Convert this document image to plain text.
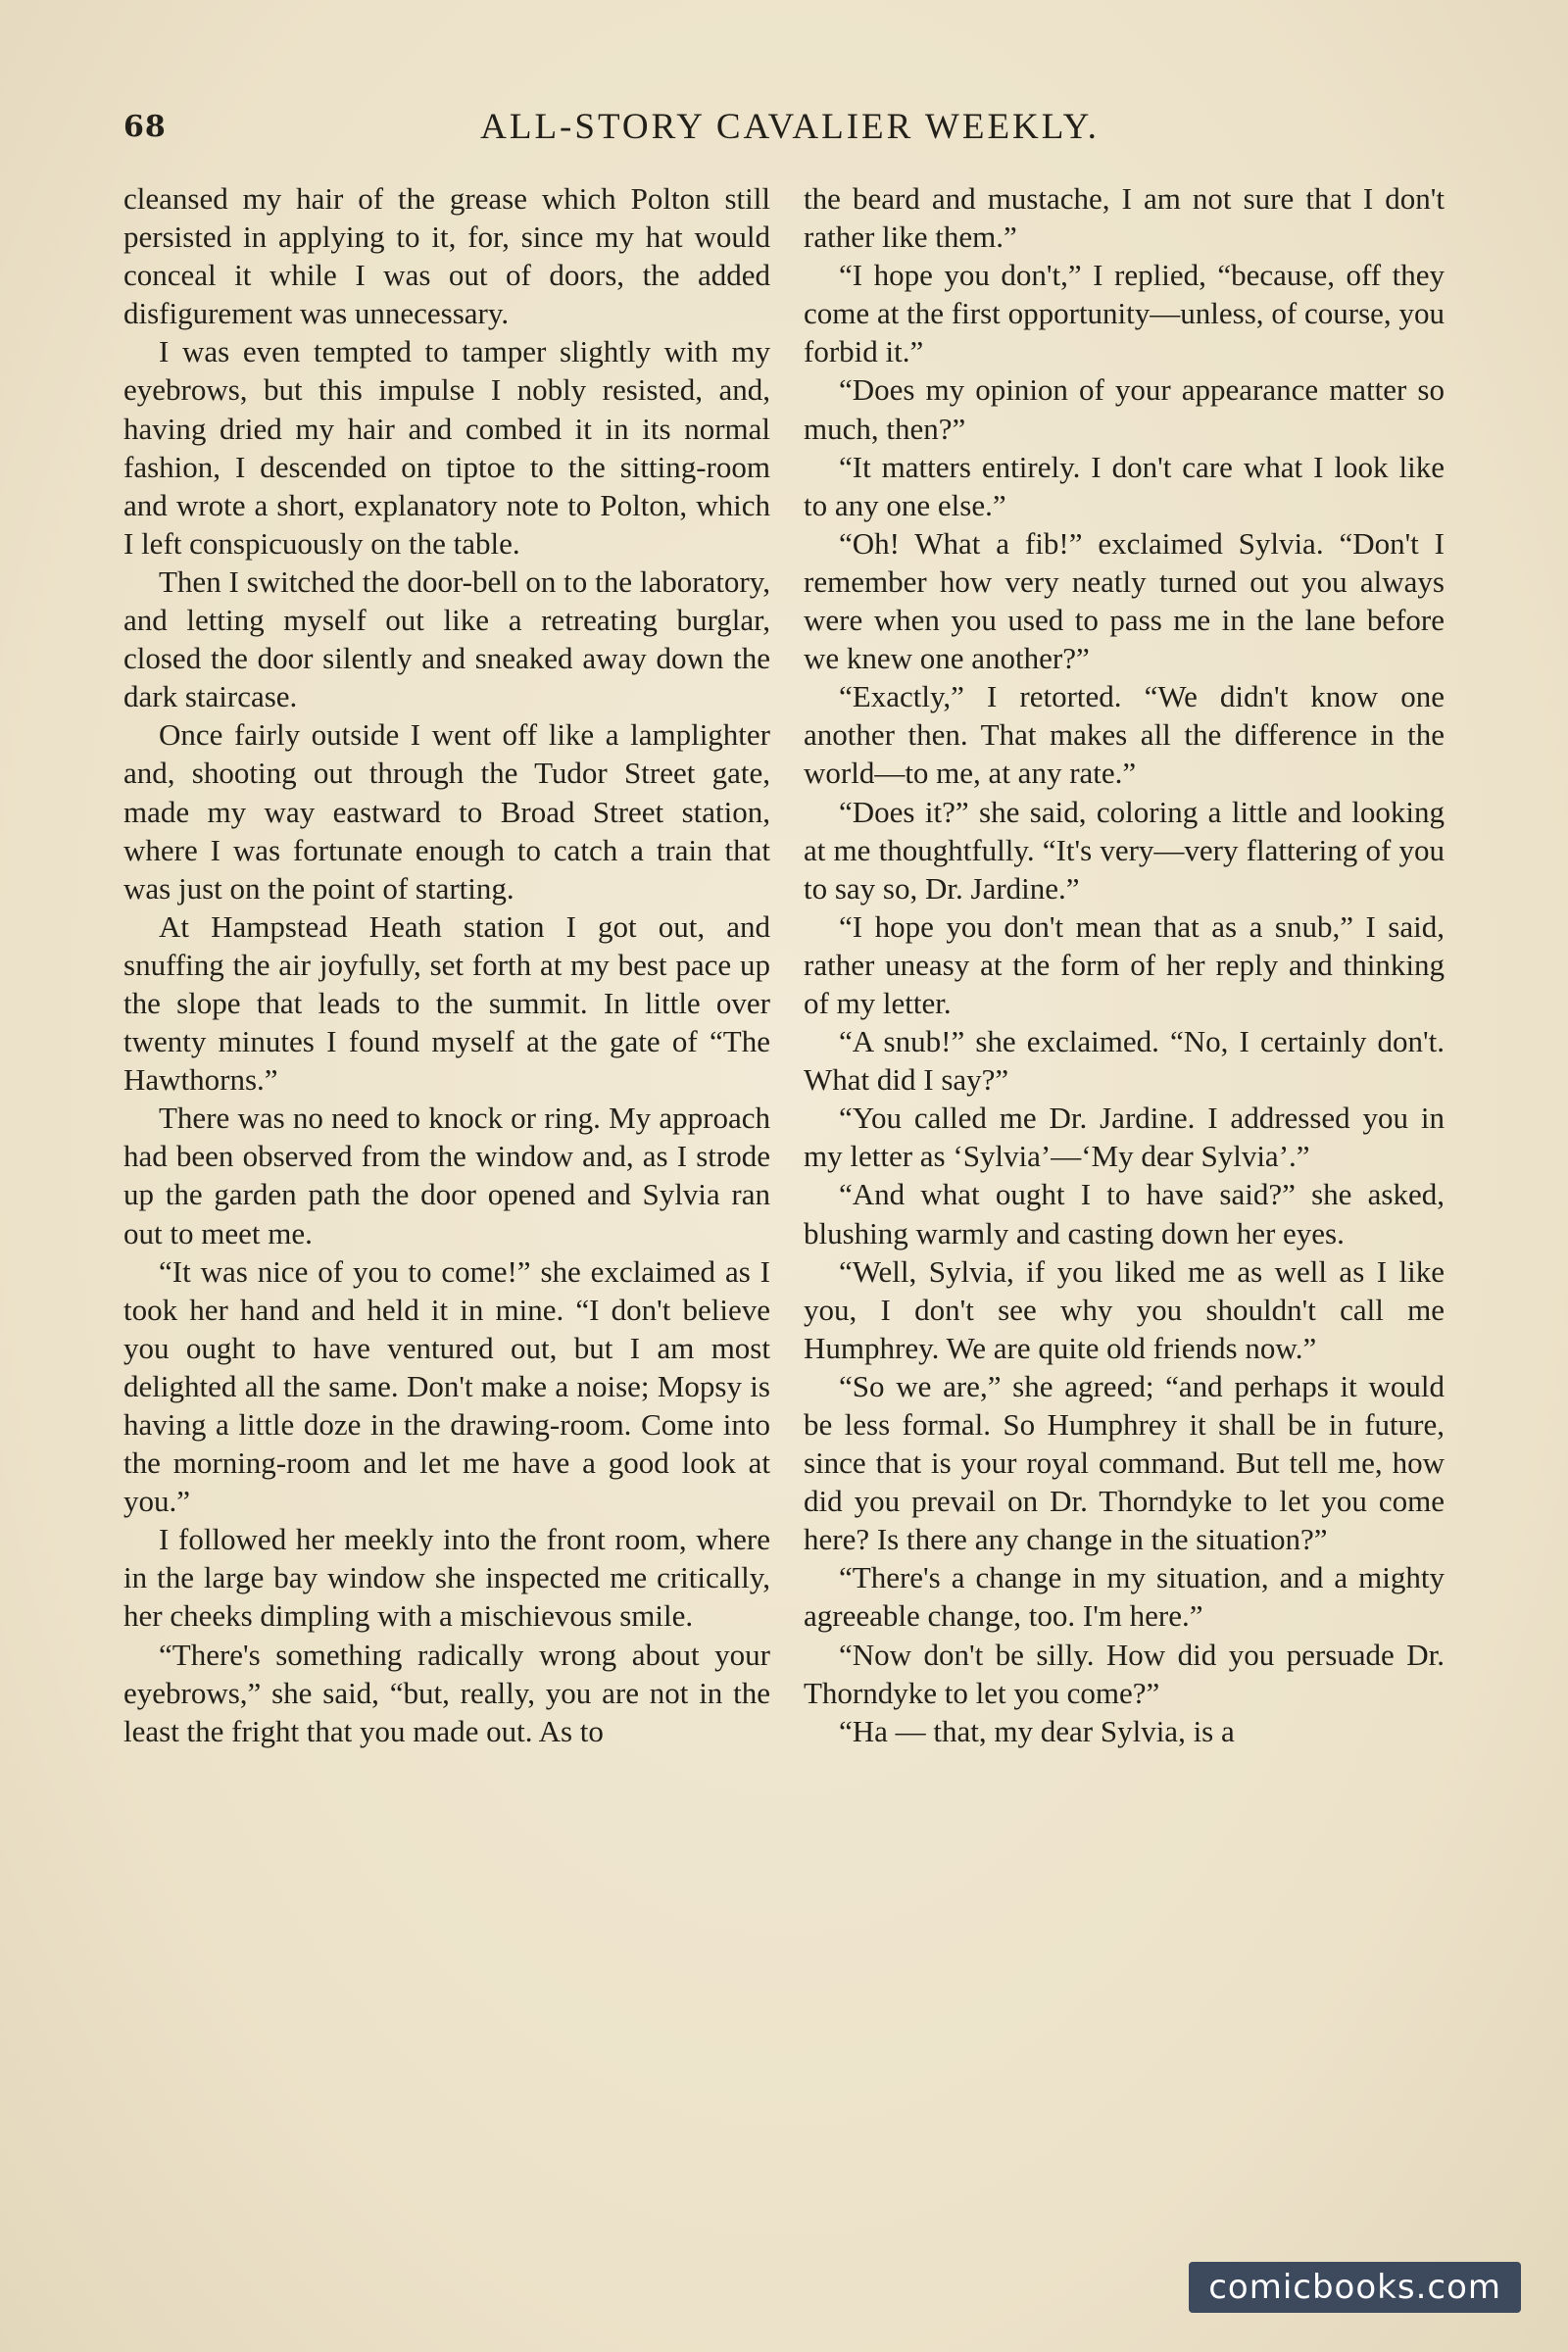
68	ALL-STORY CAVALIER WEEKLY.

cleansed my hair of the grease which Polton still persisted in applying to it, for, since my hat would conceal it while I was out of doors, the added disfigurement was unnecessary.

I was even tempted to tamper slightly with my eyebrows, but this impulse I nobly resisted, and, having dried my hair and combed it in its normal fashion, I descended on tiptoe to the sitting-room and wrote a short, explanatory note to Polton, which I left conspicuously on the table.

Then I switched the door-bell on to the laboratory, and letting myself out like a retreating burglar, closed the door silently and sneaked away down the dark staircase.

Once fairly outside I went off like a lamplighter and, shooting out through the Tudor Street gate, made my way eastward to Broad Street station, where I was fortunate enough to catch a train that was just on the point of starting.

At Hampstead Heath station I got out, and snuffing the air joyfully, set forth at my best pace up the slope that leads to the summit. In little over twenty minutes I found myself at the gate of “The Hawthorns.”

There was no need to knock or ring. My approach had been observed from the window and, as I strode up the garden path the door opened and Sylvia ran out to meet me.

“It was nice of you to come!” she exclaimed as I took her hand and held it in mine. “I don't believe you ought to have ventured out, but I am most delighted all the same. Don't make a noise; Mopsy is having a little doze in the drawing-room. Come into the morning-room and let me have a good look at you.”

I followed her meekly into the front room, where in the large bay window she inspected me critically, her cheeks dimpling with a mischievous smile.

“There's something radically wrong about your eyebrows,” she said, “but, really, you are not in the least the fright that you made out. As to

the beard and mustache, I am not sure that I don't rather like them.”

“I hope you don't,” I replied, “because, off they come at the first opportunity—unless, of course, you forbid it.”

“Does my opinion of your appearance matter so much, then?”

“It matters entirely. I don't care what I look like to any one else.”

“Oh! What a fib!” exclaimed Sylvia. “Don't I remember how very neatly turned out you always were when you used to pass me in the lane before we knew one another?”

“Exactly,” I retorted. “We didn't know one another then. That makes all the difference in the world—to me, at any rate.”

“Does it?” she said, coloring a little and looking at me thoughtfully. “It's very—very flattering of you to say so, Dr. Jardine.”

“I hope you don't mean that as a snub,” I said, rather uneasy at the form of her reply and thinking of my letter.

“A snub!” she exclaimed. “No, I certainly don't. What did I say?”

“You called me Dr. Jardine. I addressed you in my letter as ‘Sylvia’—‘My dear Sylvia’.”

“And what ought I to have said?” she asked, blushing warmly and casting down her eyes.

“Well, Sylvia, if you liked me as well as I like you, I don't see why you shouldn't call me Humphrey. We are quite old friends now.”

“So we are,” she agreed; “and perhaps it would be less formal. So Humphrey it shall be in future, since that is your royal command. But tell me, how did you prevail on Dr. Thorndyke to let you come here? Is there any change in the situation?”

“There's a change in my situation, and a mighty agreeable change, too. I'm here.”

“Now don't be silly. How did you persuade Dr. Thorndyke to let you come?”

“Ha — that, my dear Sylvia, is a

comicbooks.com
